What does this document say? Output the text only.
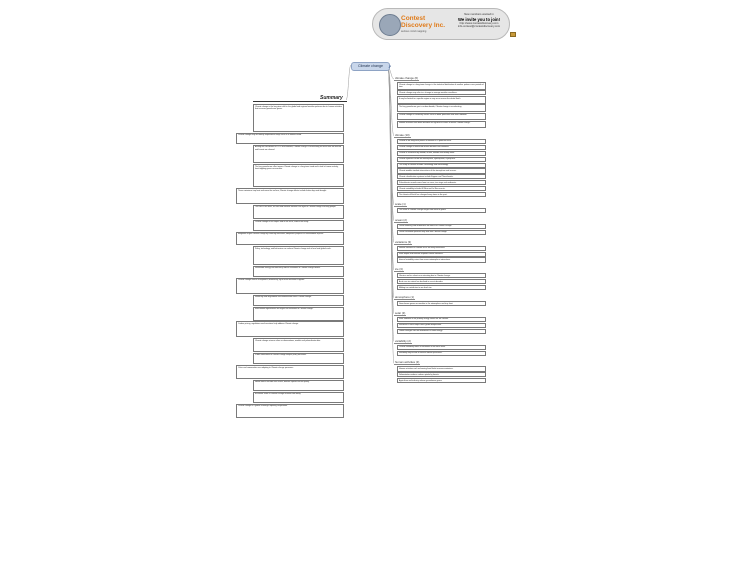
Contest
Discovery Inc.
serious mind mapping
New members wanted in
We invite you to join!
http://www.contestdiscovery.com
info-contest@contestdiscovery.com
Climate change	⇗
Summary
Climate change is the long-term shift in the global and regional weather patterns due to human activities that increase greenhouse gases.
Climate change may be directly expressed in ways such as a warmer world.
Among the contributors of CO2 and methane; Climate change is accelerating as fossil fuels are burned and forests are cleared.
The key greenhouse effect means Climate change is a long-term trend and is tied to human activity, heat-trapping gases accumulate.
These emissions trap heat and warm the surface; Climate change effects include hotter days and drought.
The rise in sea level, ice melt and extreme weather are signs of Climate change reaching people.
Climate change in the tropics and in the arctic, effects are many.
Mitigation targets climate change by reducing emissions; adaptation prepares for unavoidable impacts.
Policy, technology, and behaviour can reduce Climate change risk at local and global scale.
Renewable energy and efficiency reduce emissions of Climate change drivers.
Climate change affects ecosystems, biodiversity, agriculture and water supplies.
Reducing land degradation and deforestation limits Climate change.
International agreements set targets for emissions of Climate change.
Carbon pricing, regulations and incentives help address Climate change.
Climate change science relies on observations, models and paleoclimate data.
Public awareness of Climate change shapes policy decisions.
Cities and communities are adapting to Climate change pressures.
Health effects include heat stress, disease spread and air quality.
Economic costs of Climate change increase with delay.
Climate change is a global challenge requiring cooperation.
climate change (6)
Climate change is a long-term change in the statistical distribution of weather patterns over periods of time.
Climate change may refer to a change in average weather conditions.
It may be limited to a specific region or may occur across the whole Earth.
The key greenhouse gas is carbon dioxide; Climate change is accelerating.
Climate change is caused by factors such as biotic processes and solar radiation.
Human activities have been identified as significant causes of recent Climate change.
climate (10)
Climate is the long-term pattern of weather in a particular area.
Climate change is measured across decades and centuries.
Climate is influenced by latitude, terrain, altitude and nearby water.
Climate systems include the atmosphere, hydrosphere, cryosphere.
The study of climate includes climatology and meteorology.
Climate models simulate interactions of the atmosphere and oceans.
Climate classification systems include Koppen and Thornthwaite.
Paleoclimate records come from ice cores, tree rings and sediments.
Climate variability includes El Nino and La Nina events.
The climate of Earth has changed many times in the past.
scale (1)
The scale of Climate change ranges from local to global.
ocean (2)
Ocean warming and acidification are effects of Climate change.
Ocean circulation patterns may shift with Climate change.
variations (3)
Natural variations in climate occur on many timescales.
Solar output and volcanic eruptions cause variations.
Internal variability arises from ocean-atmosphere interactions.
ice (3)
Glaciers and ice sheets are retreating due to Climate change.
Arctic sea ice extent has declined in recent decades.
Melting ice contributes to sea level rise.
atmosphere (1)
Greenhouse gases accumulate in the atmosphere and trap heat.
solar (3)
Solar radiation is the primary energy source for the climate.
Variations in solar output affect global temperature.
Orbital changes alter the distribution of solar energy.
variability (2)
Climate variability refers to variations in the mean state.
Variability may be due to natural internal processes.
human activities (3)
Human activities such as burning fossil fuels increase emissions.
Deforestation reduces carbon uptake by forests.
Agriculture and industry release greenhouse gases.
